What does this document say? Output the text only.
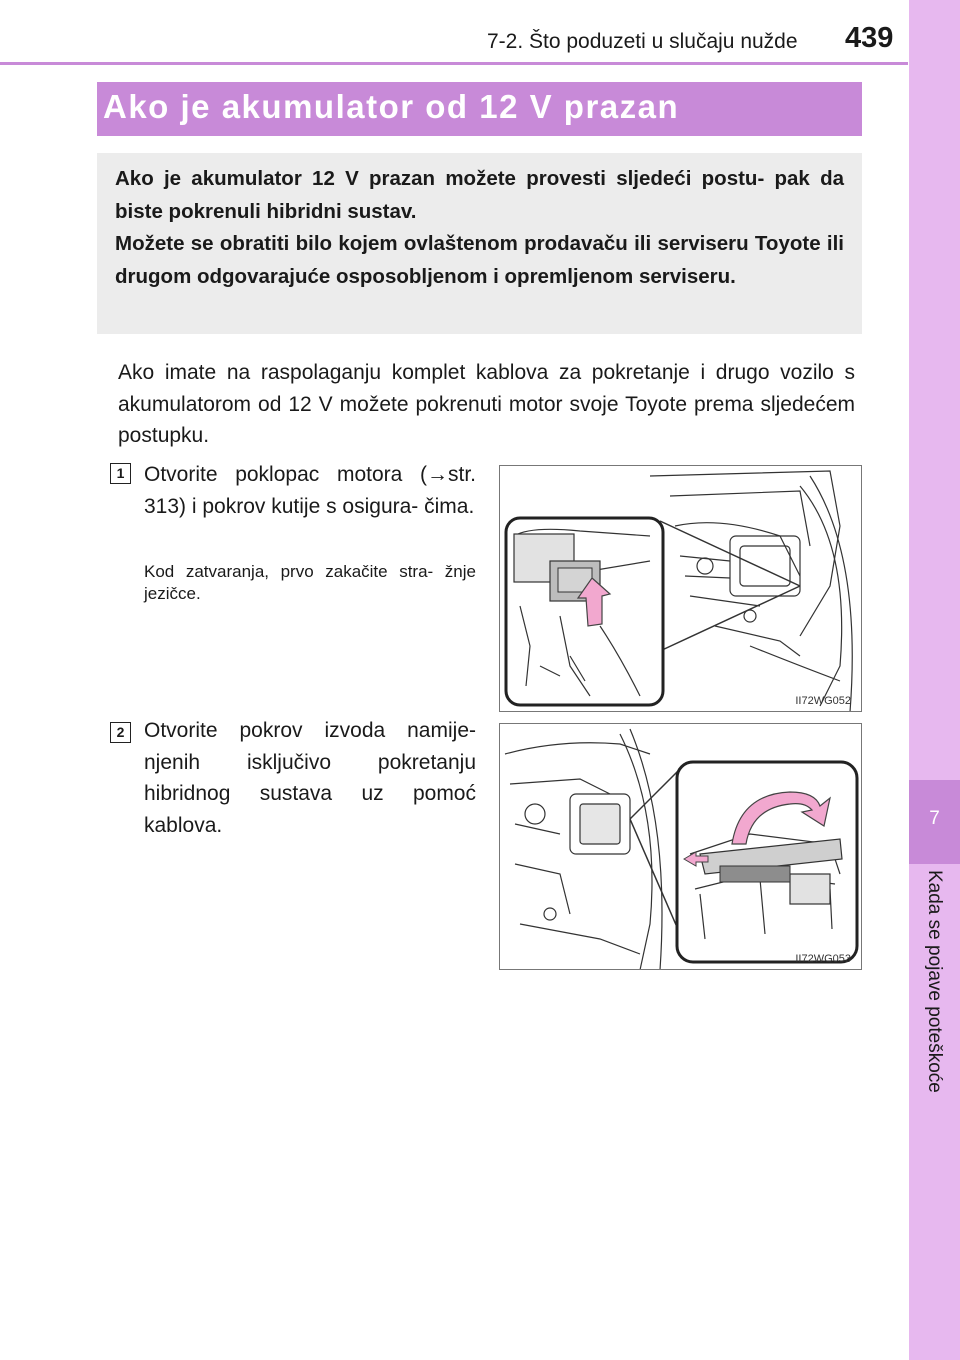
7-2. Što poduzeti u slučaju nužde 439
7
Kada se pojave poteškoće
Ako je akumulator od 12 V prazan

Ako je akumulator 12 V prazan možete provesti sljedeći postu- pak da biste pokrenuli hibridni sustav.

Možete se obratiti bilo kojem ovlaštenom prodavaču ili serviseru Toyote ili drugom odgovarajuće osposobljenom i opremljenom serviseru.

Ako imate na raspolaganju komplet kablova za pokretanje i drugo vozilo s akumulatorom od 12 V možete pokrenuti motor svoje Toyote prema sljedećem postupku.

1 Otvorite poklopac motora (→str. 313) i pokrov kutije s osigura- čima.

Kod zatvaranja, prvo zakačite stra- žnje jezičce.

II72WG052
2 Otvorite pokrov izvoda namije- njenih isključivo pokretanju hibridnog sustava uz pomoć kablova.

II72WG053
